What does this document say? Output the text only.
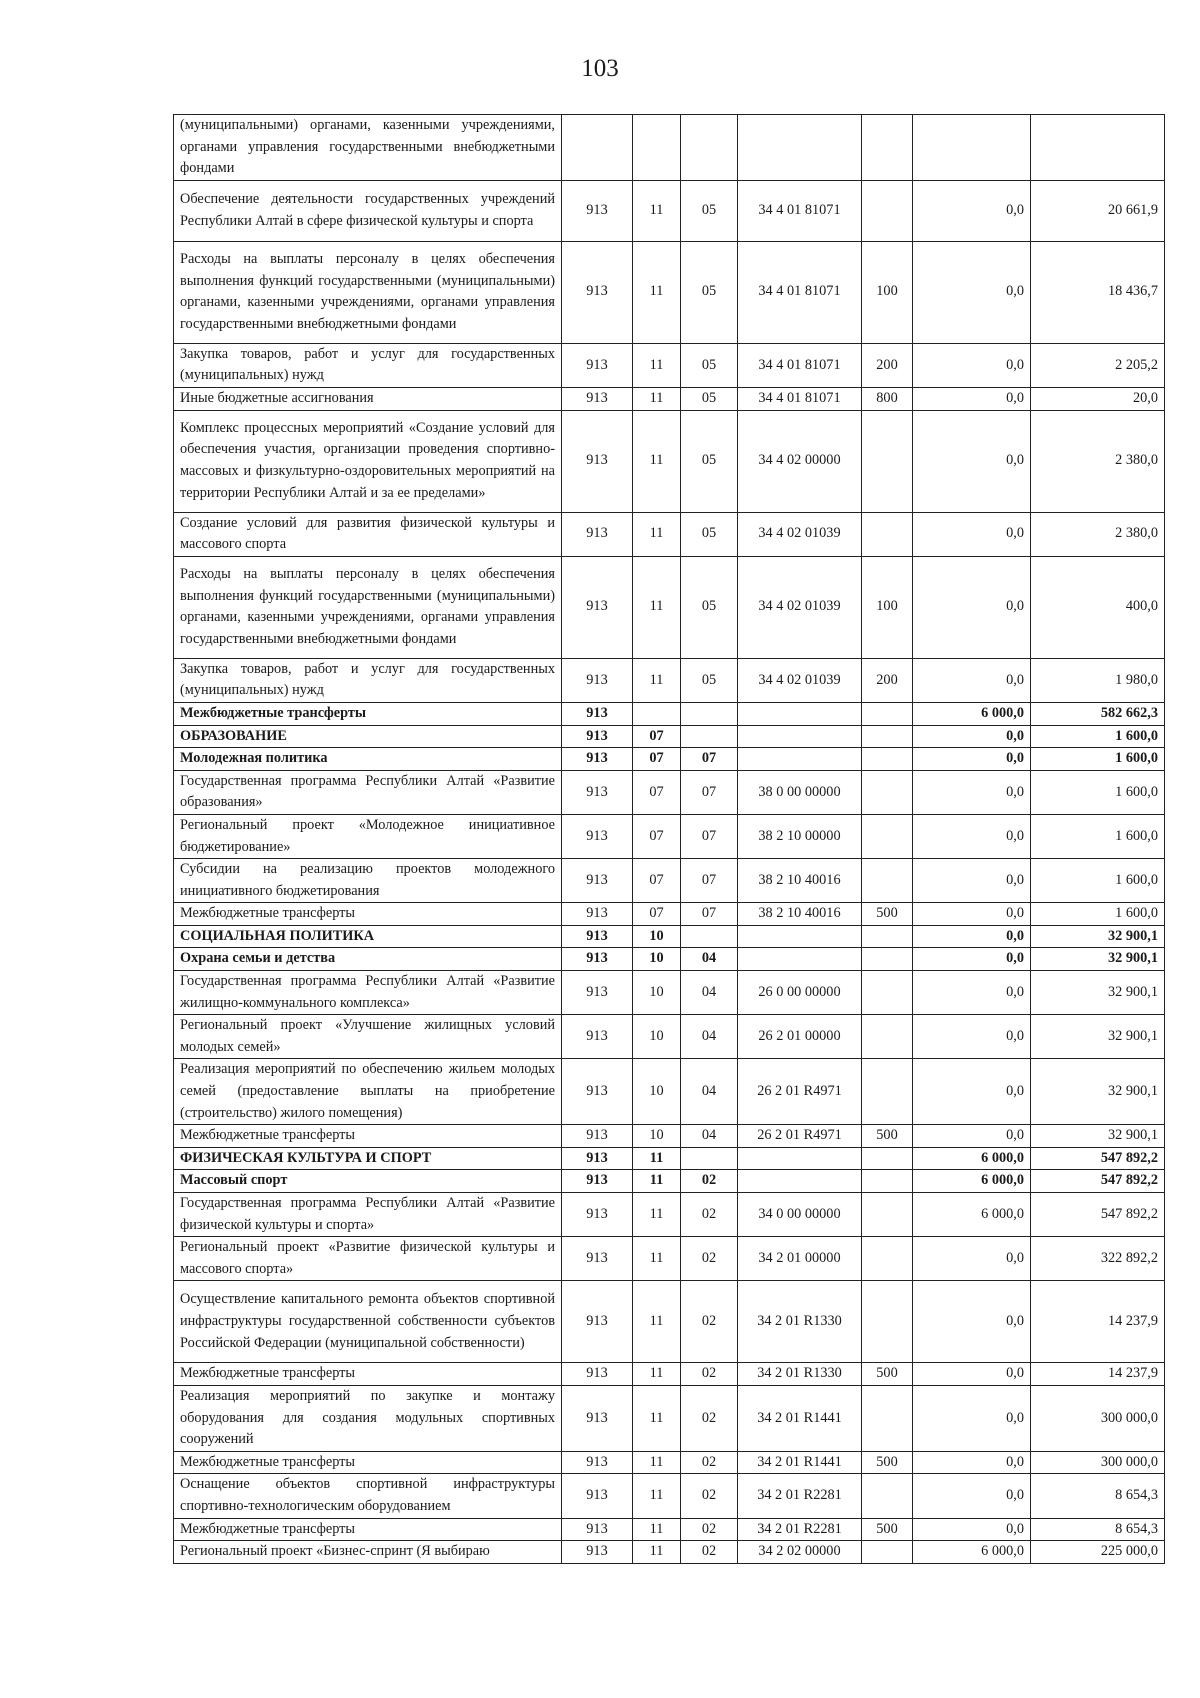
103
(муниципальными) органами, казенными учреждениями, органами управления государственными внебюджетными фондами							
Обеспечение деятельности государственных учреждений Республики Алтай в сфере физической культуры и спорта	913	11	05	34 4 01 81071		0,0	20 661,9
Расходы на выплаты персоналу в целях обеспечения выполнения функций государственными (муниципальными) органами, казенными учреждениями, органами управления государственными внебюджетными фондами	913	11	05	34 4 01 81071	100	0,0	18 436,7
Закупка товаров, работ и услуг для государственных (муниципальных) нужд	913	11	05	34 4 01 81071	200	0,0	2 205,2
Иные бюджетные ассигнования	913	11	05	34 4 01 81071	800	0,0	20,0
Комплекс процессных мероприятий «Создание условий для обеспечения участия, организации проведения спортивно-массовых и физкультурно-оздоровительных мероприятий на территории Республики Алтай и за ее пределами»	913	11	05	34 4 02 00000		0,0	2 380,0
Создание условий для развития физической культуры и массового спорта	913	11	05	34 4 02 01039		0,0	2 380,0
Расходы на выплаты персоналу в целях обеспечения выполнения функций государственными (муниципальными) органами, казенными учреждениями, органами управления государственными внебюджетными фондами	913	11	05	34 4 02 01039	100	0,0	400,0
Закупка товаров, работ и услуг для государственных (муниципальных) нужд	913	11	05	34 4 02 01039	200	0,0	1 980,0
Межбюджетные трансферты	913					6 000,0	582 662,3
ОБРАЗОВАНИЕ	913	07				0,0	1 600,0
Молодежная политика	913	07	07			0,0	1 600,0
Государственная программа Республики Алтай «Развитие образования»	913	07	07	38 0 00 00000		0,0	1 600,0
Региональный проект «Молодежное инициативное бюджетирование»	913	07	07	38 2 10 00000		0,0	1 600,0
Субсидии на реализацию проектов молодежного инициативного бюджетирования	913	07	07	38 2 10 40016		0,0	1 600,0
Межбюджетные трансферты	913	07	07	38 2 10 40016	500	0,0	1 600,0
СОЦИАЛЬНАЯ ПОЛИТИКА	913	10				0,0	32 900,1
Охрана семьи и детства	913	10	04			0,0	32 900,1
Государственная программа Республики Алтай «Развитие жилищно-коммунального комплекса»	913	10	04	26 0 00 00000		0,0	32 900,1
Региональный проект «Улучшение жилищных условий молодых семей»	913	10	04	26 2 01 00000		0,0	32 900,1
Реализация мероприятий по обеспечению жильем молодых семей (предоставление выплаты на приобретение (строительство) жилого помещения)	913	10	04	26 2 01 R4971		0,0	32 900,1
Межбюджетные трансферты	913	10	04	26 2 01 R4971	500	0,0	32 900,1
ФИЗИЧЕСКАЯ КУЛЬТУРА И СПОРТ	913	11				6 000,0	547 892,2
Массовый спорт	913	11	02			6 000,0	547 892,2
Государственная программа Республики Алтай «Развитие физической культуры и спорта»	913	11	02	34 0 00 00000		6 000,0	547 892,2
Региональный проект «Развитие физической культуры и массового спорта»	913	11	02	34 2 01 00000		0,0	322 892,2
Осуществление капитального ремонта объектов спортивной инфраструктуры государственной собственности субъектов Российской Федерации (муниципальной собственности)	913	11	02	34 2 01 R1330		0,0	14 237,9
Межбюджетные трансферты	913	11	02	34 2 01 R1330	500	0,0	14 237,9
Реализация мероприятий по закупке и монтажу оборудования для создания модульных спортивных сооружений	913	11	02	34 2 01 R1441		0,0	300 000,0
Межбюджетные трансферты	913	11	02	34 2 01 R1441	500	0,0	300 000,0
Оснащение объектов спортивной инфраструктуры спортивно-технологическим оборудованием	913	11	02	34 2 01 R2281		0,0	8 654,3
Межбюджетные трансферты	913	11	02	34 2 01 R2281	500	0,0	8 654,3
Региональный проект «Бизнес-спринт (Я выбираю	913	11	02	34 2 02 00000		6 000,0	225 000,0
